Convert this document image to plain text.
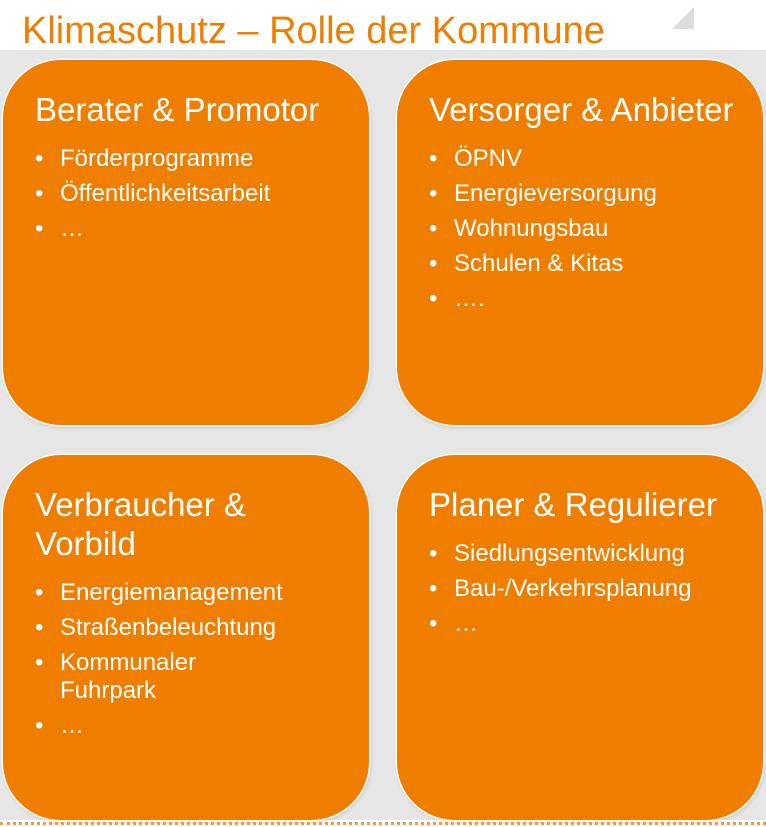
Klimaschutz – Rolle der Kommune
Berater & Promotor
• Förderprogramme
• Öffentlichkeitsarbeit
• …
Versorger & Anbieter
• ÖPNV
• Energieversorgung
• Wohnungsbau
• Schulen & Kitas
• ….
Verbraucher & Vorbild
• Energiemanagement
• Straßenbeleuchtung
• Kommunaler Fuhrpark
• …
Planer & Regulierer
• Siedlungsentwicklung
• Bau-/Verkehrsplanung
• …
